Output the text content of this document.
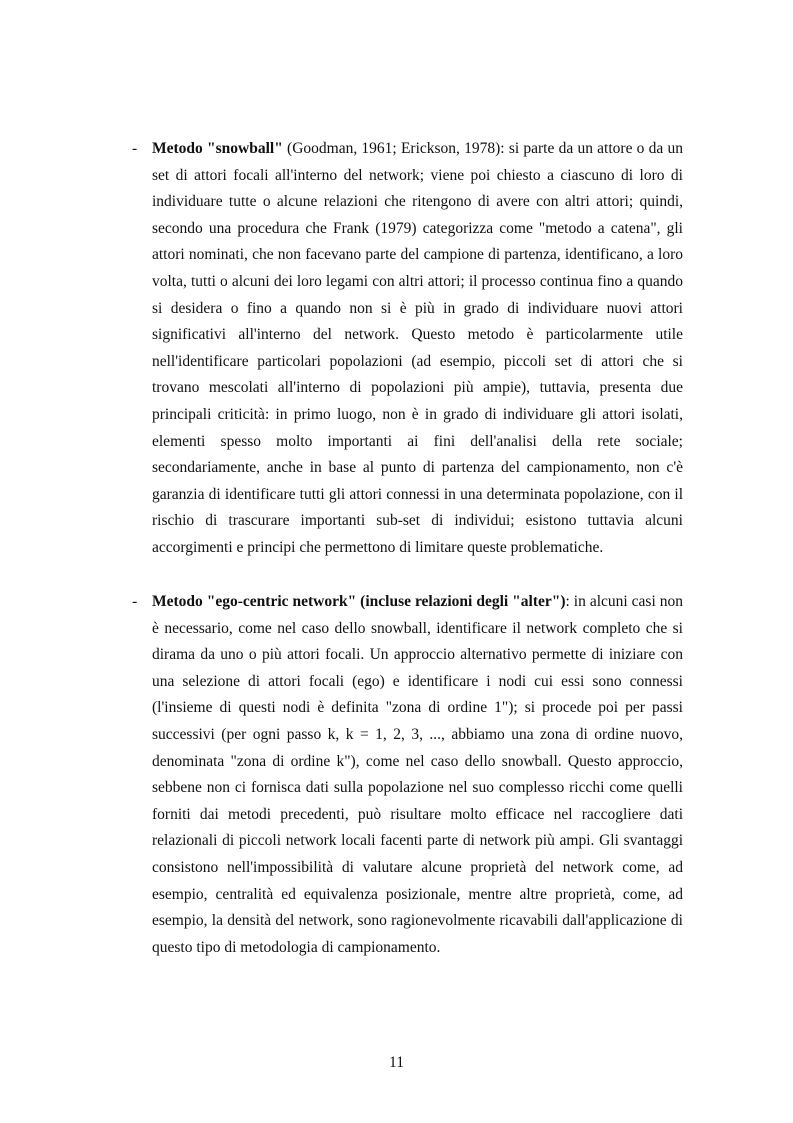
- Metodo "snowball" (Goodman, 1961; Erickson, 1978): si parte da un attore o da un set di attori focali all'interno del network; viene poi chiesto a ciascuno di loro di individuare tutte o alcune relazioni che ritengono di avere con altri attori; quindi, secondo una procedura che Frank (1979) categorizza come "metodo a catena", gli attori nominati, che non facevano parte del campione di partenza, identificano, a loro volta, tutti o alcuni dei loro legami con altri attori; il processo continua fino a quando si desidera o fino a quando non si è più in grado di individuare nuovi attori significativi all'interno del network. Questo metodo è particolarmente utile nell'identificare particolari popolazioni (ad esempio, piccoli set di attori che si trovano mescolati all'interno di popolazioni più ampie), tuttavia, presenta due principali criticità: in primo luogo, non è in grado di individuare gli attori isolati, elementi spesso molto importanti ai fini dell'analisi della rete sociale; secondariamente, anche in base al punto di partenza del campionamento, non c'è garanzia di identificare tutti gli attori connessi in una determinata popolazione, con il rischio di trascurare importanti sub-set di individui; esistono tuttavia alcuni accorgimenti e principi che permettono di limitare queste problematiche.
- Metodo "ego-centric network" (incluse relazioni degli "alter"): in alcuni casi non è necessario, come nel caso dello snowball, identificare il network completo che si dirama da uno o più attori focali. Un approccio alternativo permette di iniziare con una selezione di attori focali (ego) e identificare i nodi cui essi sono connessi (l'insieme di questi nodi è definita "zona di ordine 1"); si procede poi per passi successivi (per ogni passo k, k = 1, 2, 3, ..., abbiamo una zona di ordine nuovo, denominata "zona di ordine k"), come nel caso dello snowball. Questo approccio, sebbene non ci fornisca dati sulla popolazione nel suo complesso ricchi come quelli forniti dai metodi precedenti, può risultare molto efficace nel raccogliere dati relazionali di piccoli network locali facenti parte di network più ampi. Gli svantaggi consistono nell'impossibilità di valutare alcune proprietà del network come, ad esempio, centralità ed equivalenza posizionale, mentre altre proprietà, come, ad esempio, la densità del network, sono ragionevolmente ricavabili dall'applicazione di questo tipo di metodologia di campionamento.
11
